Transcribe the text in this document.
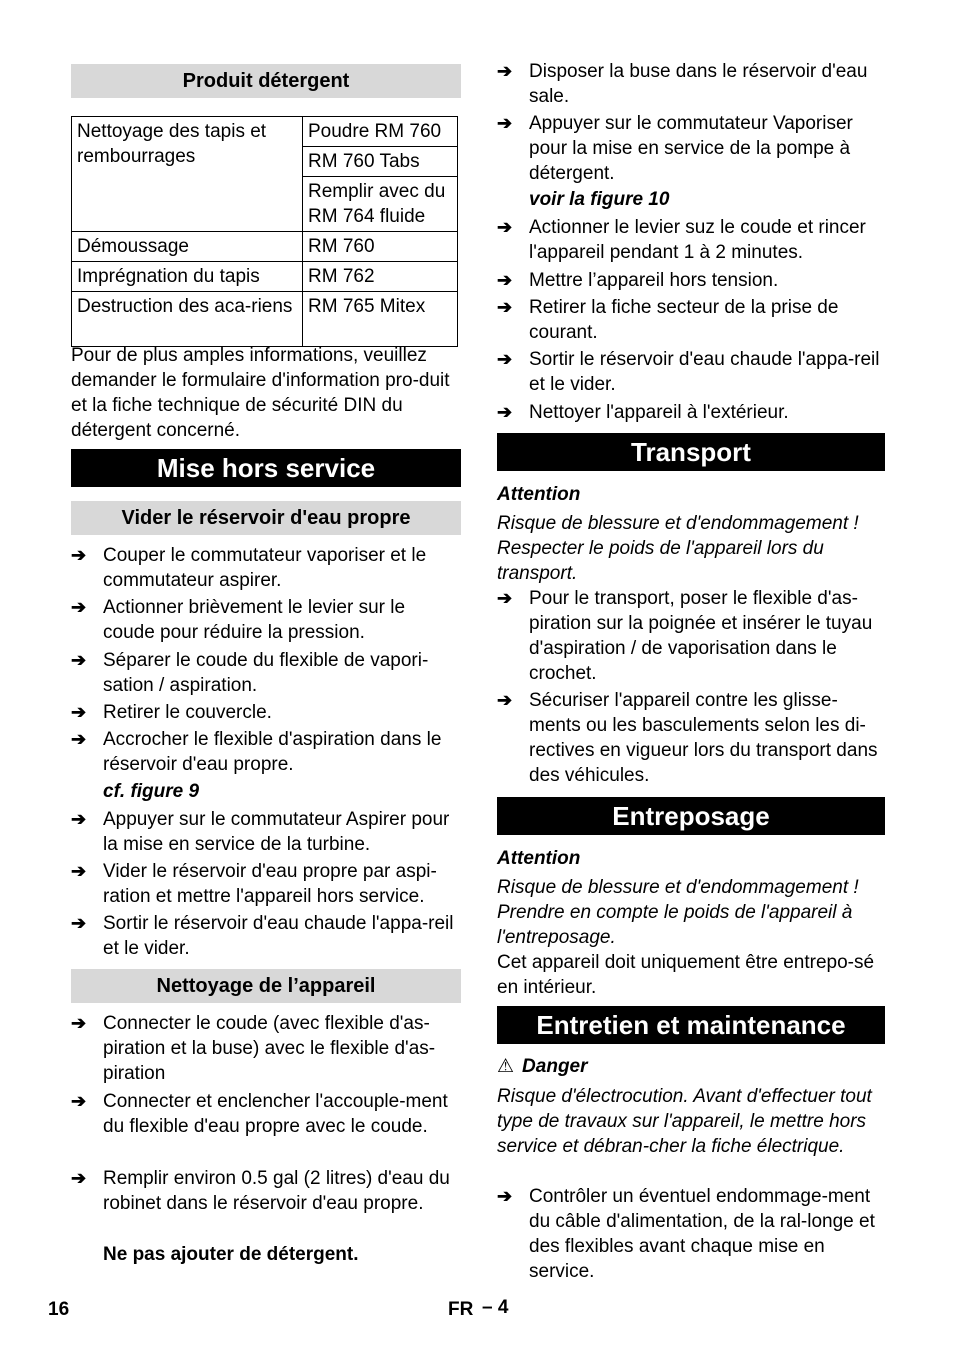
Produit détergent
Nettoyage des tapis et rembourrages	Poudre RM 760
	RM 760 Tabs
	Remplir avec du RM 764 fluide
Démoussage	RM 760
Imprégnation du tapis	RM 762
Destruction des aca-riens	RM 765 Mitex
Pour de plus amples informations, veuillez demander le formulaire d'information pro-duit et la fiche technique de sécurité DIN du détergent concerné.
Mise hors service
Vider le réservoir d'eau propre
➔ Couper le commutateur vaporiser et le commutateur aspirer.
➔ Actionner brièvement le levier sur le coude pour réduire la pression.
➔ Séparer le coude du flexible de vapori-sation / aspiration.
➔ Retirer le couvercle.
➔ Accrocher le flexible d'aspiration dans le réservoir d'eau propre.
cf. figure 9
➔ Appuyer sur le commutateur Aspirer pour la mise en service de la turbine.
➔ Vider le réservoir d'eau propre par aspi-ration et mettre l'appareil hors service.
➔ Sortir le réservoir d'eau chaude l'appa-reil et le vider.
Nettoyage de l’appareil
➔ Connecter le coude (avec flexible d'as-piration et la buse) avec le flexible d'as-piration
➔ Connecter et enclencher l'accouple-ment du flexible d'eau propre avec le coude.
➔ Remplir environ 0.5 gal (2 litres) d'eau du robinet dans le réservoir d'eau propre.
Ne pas ajouter de détergent.
➔ Disposer la buse dans le réservoir d'eau sale.
➔ Appuyer sur le commutateur Vaporiser pour la mise en service de la pompe à détergent.
voir la figure 10
➔ Actionner le levier suz le coude et rincer l'appareil pendant 1 à 2 minutes.
➔ Mettre l’appareil hors tension.
➔ Retirer la fiche secteur de la prise de courant.
➔ Sortir le réservoir d'eau chaude l'appa-reil et le vider.
➔ Nettoyer l'appareil à l'extérieur.
Transport
Attention
Risque de blessure et d'endommagement ! Respecter le poids de l'appareil lors du transport.
➔ Pour le transport, poser le flexible d'as-piration sur la poignée et insérer le tuyau d'aspiration / de vaporisation dans le crochet.
➔ Sécuriser l'appareil contre les glisse-ments ou les basculements selon les di-rectives en vigueur lors du transport dans des véhicules.
Entreposage
Attention
Risque de blessure et d'endommagement ! Prendre en compte le poids de l'appareil à l'entreposage.
Cet appareil doit uniquement être entrepo-sé en intérieur.
Entretien et maintenance
⚠ Danger
Risque d'électrocution. Avant d'effectuer tout type de travaux sur l'appareil, le mettre hors service et débran-cher la fiche électrique.
➔ Contrôler un éventuel endommage-ment du câble d'alimentation, de la ral-longe et des flexibles avant chaque mise en service.
16	FR – 4
